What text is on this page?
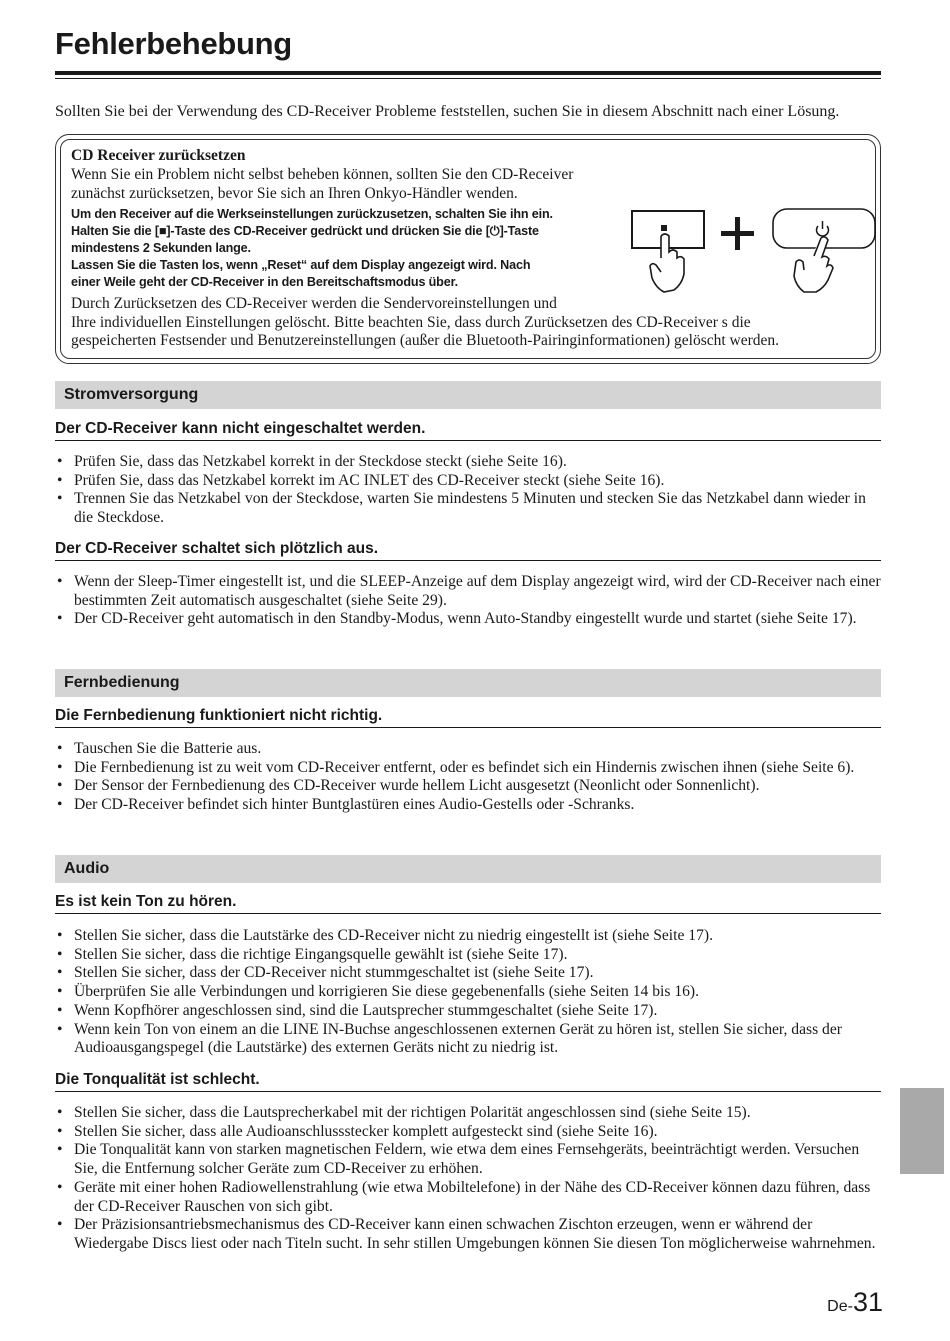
Fehlerbehebung
Sollten Sie bei der Verwendung des CD-Receiver Probleme feststellen, suchen Sie in diesem Abschnitt nach einer Lösung.
CD Receiver zurücksetzen
Wenn Sie ein Problem nicht selbst beheben können, sollten Sie den CD-Receiver
zunächst zurücksetzen, bevor Sie sich an Ihren Onkyo-Händler wenden.
Um den Receiver auf die Werkseinstellungen zurückzusetzen, schalten Sie ihn ein.
Halten Sie die [■]-Taste des CD-Receiver gedrückt und drücken Sie die [⏻]-Taste
mindestens 2 Sekunden lange.
Lassen Sie die Tasten los, wenn „Reset“ auf dem Display angezeigt wird. Nach
einer Weile geht der CD-Receiver in den Bereitschaftsmodus über.
Durch Zurücksetzen des CD-Receiver werden die Sendervoreinstellungen und
Ihre individuellen Einstellungen gelöscht. Bitte beachten Sie, dass durch Zurücksetzen des CD-Receiver s die
gespeicherten Festsender und Benutzereinstellungen (außer die Bluetooth-Pairinginformationen) gelöscht werden.
Stromversorgung
Der CD-Receiver kann nicht eingeschaltet werden.
• Prüfen Sie, dass das Netzkabel korrekt in der Steckdose steckt (siehe Seite 16).
• Prüfen Sie, dass das Netzkabel korrekt im AC INLET des CD-Receiver steckt (siehe Seite 16).
• Trennen Sie das Netzkabel von der Steckdose, warten Sie mindestens 5 Minuten und stecken Sie das Netzkabel dann wieder in die Steckdose.
Der CD-Receiver schaltet sich plötzlich aus.
• Wenn der Sleep-Timer eingestellt ist, und die SLEEP-Anzeige auf dem Display angezeigt wird, wird der CD-Receiver nach einer bestimmten Zeit automatisch ausgeschaltet (siehe Seite 29).
• Der CD-Receiver geht automatisch in den Standby-Modus, wenn Auto-Standby eingestellt wurde und startet (siehe Seite 17).
Fernbedienung
Die Fernbedienung funktioniert nicht richtig.
• Tauschen Sie die Batterie aus.
• Die Fernbedienung ist zu weit vom CD-Receiver entfernt, oder es befindet sich ein Hindernis zwischen ihnen (siehe Seite 6).
• Der Sensor der Fernbedienung des CD-Receiver wurde hellem Licht ausgesetzt (Neonlicht oder Sonnenlicht).
• Der CD-Receiver befindet sich hinter Buntglastüren eines Audio-Gestells oder -Schranks.
Audio
Es ist kein Ton zu hören.
• Stellen Sie sicher, dass die Lautstärke des CD-Receiver nicht zu niedrig eingestellt ist (siehe Seite 17).
• Stellen Sie sicher, dass die richtige Eingangsquelle gewählt ist (siehe Seite 17).
• Stellen Sie sicher, dass der CD-Receiver nicht stummgeschaltet ist (siehe Seite 17).
• Überprüfen Sie alle Verbindungen und korrigieren Sie diese gegebenenfalls (siehe Seiten 14 bis 16).
• Wenn Kopfhörer angeschlossen sind, sind die Lautsprecher stummgeschaltet (siehe Seite 17).
• Wenn kein Ton von einem an die LINE IN-Buchse angeschlossenen externen Gerät zu hören ist, stellen Sie sicher, dass der Audioausgangspegel (die Lautstärke) des externen Geräts nicht zu niedrig ist.
Die Tonqualität ist schlecht.
• Stellen Sie sicher, dass die Lautsprecherkabel mit der richtigen Polarität angeschlossen sind (siehe Seite 15).
• Stellen Sie sicher, dass alle Audioanschlussstecker komplett aufgesteckt sind (siehe Seite 16).
• Die Tonqualität kann von starken magnetischen Feldern, wie etwa dem eines Fernsehgeräts, beeinträchtigt werden. Versuchen Sie, die Entfernung solcher Geräte zum CD-Receiver zu erhöhen.
• Geräte mit einer hohen Radiowellenstrahlung (wie etwa Mobiltelefone) in der Nähe des CD-Receiver können dazu führen, dass der CD-Receiver Rauschen von sich gibt.
• Der Präzisionsantriebsmechanismus des CD-Receiver kann einen schwachen Zischton erzeugen, wenn er während der Wiedergabe Discs liest oder nach Titeln sucht. In sehr stillen Umgebungen können Sie diesen Ton möglicherweise wahrnehmen.
De-31
